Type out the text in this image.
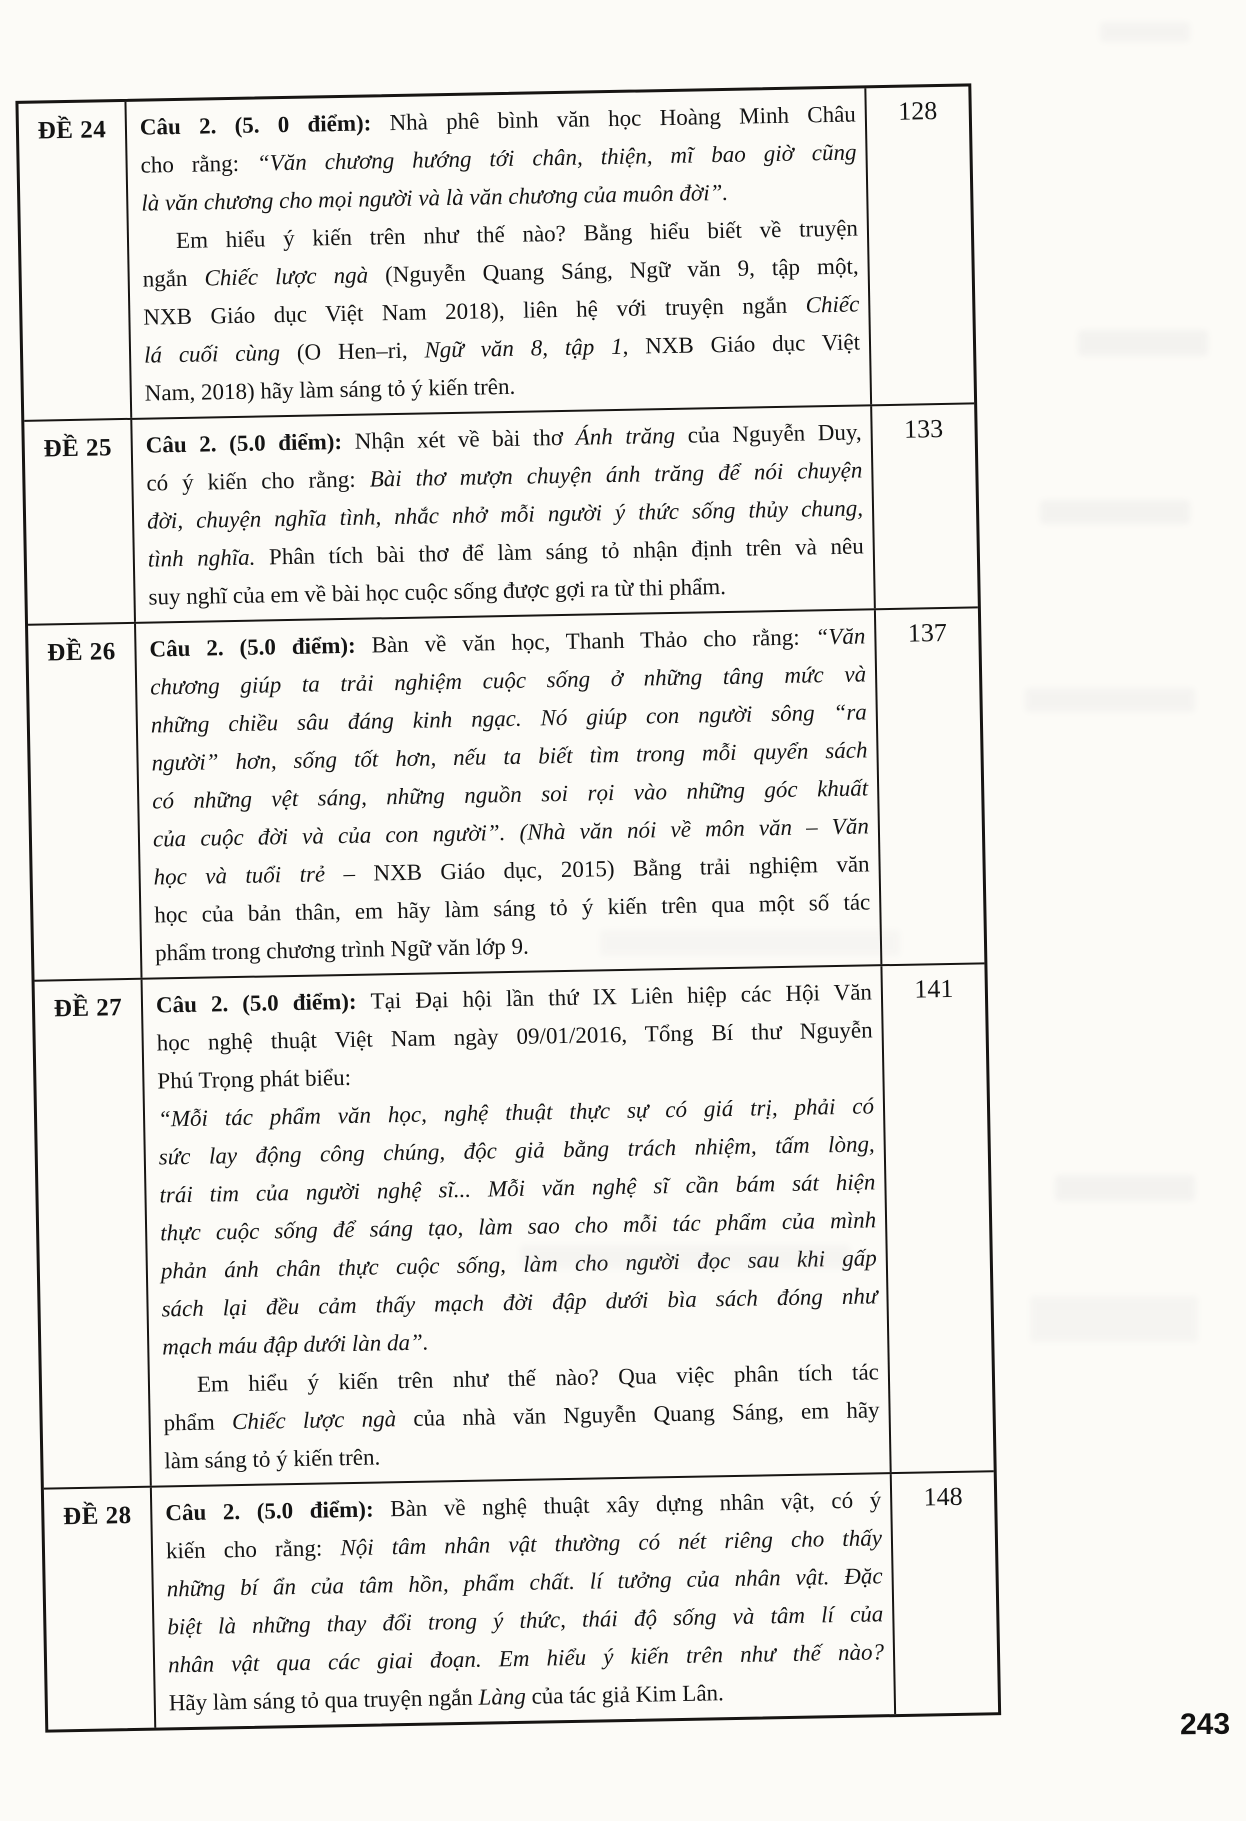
ĐỀ 24	Câu 2. (5. 0 điểm): Nhà phê bình văn học Hoàng Minh Châu
cho rằng: “Văn chương hướng tới chân, thiện, mĩ bao giờ cũng
là văn chương cho mọi người và là văn chương của muôn đời”.
Em hiểu ý kiến trên như thế nào? Bằng hiểu biết về truyện
ngắn Chiếc lược ngà (Nguyễn Quang Sáng, Ngữ văn 9, tập một,
NXB Giáo dục Việt Nam 2018), liên hệ với truyện ngắn Chiếc
lá cuối cùng (O Hen–ri, Ngữ văn 8, tập 1, NXB Giáo dục Việt
Nam, 2018) hãy làm sáng tỏ ý kiến trên.
128
ĐỀ 25	Câu 2. (5.0 điểm): Nhận xét về bài thơ Ánh trăng của Nguyễn Duy,
có ý kiến cho rằng: Bài thơ mượn chuyện ánh trăng để nói chuyện
đời, chuyện nghĩa tình, nhắc nhở mỗi người ý thức sống thủy chung,
tình nghĩa. Phân tích bài thơ để làm sáng tỏ nhận định trên và nêu
suy nghĩ của em về bài học cuộc sống được gợi ra từ thi phẩm.
133
ĐỀ 26	Câu 2. (5.0 điểm): Bàn về văn học, Thanh Thảo cho rằng: “Văn
chương giúp ta trải nghiệm cuộc sống ở những tâng mức và
những chiều sâu đáng kinh ngạc. Nó giúp con người sông “ra
người” hơn, sống tốt hơn, nếu ta biết tìm trong mỗi quyển sách
có những vệt sáng, những nguồn soi rọi vào những góc khuất
của cuộc đời và của con người”. (Nhà văn nói về môn văn – Văn
học và tuổi trẻ – NXB Giáo dục, 2015) Bằng trải nghiệm văn
học của bản thân, em hãy làm sáng tỏ ý kiến trên qua một số tác
phẩm trong chương trình Ngữ văn lớp 9.
137
ĐỀ 27	Câu 2. (5.0 điểm): Tại Đại hội lần thứ IX Liên hiệp các Hội Văn
học nghệ thuật Việt Nam ngày 09/01/2016, Tổng Bí thư Nguyễn
Phú Trọng phát biểu:
“Mỗi tác phẩm văn học, nghệ thuật thực sự có giá trị, phải có
sức lay động công chúng, độc giả bằng trách nhiệm, tấm lòng,
trái tim của người nghệ sĩ... Mỗi văn nghệ sĩ cần bám sát hiện
thực cuộc sống để sáng tạo, làm sao cho mỗi tác phẩm của mình
phản ánh chân thực cuộc sống, làm cho người đọc sau khi gấp
sách lại đều cảm thấy mạch đời đập dưới bìa sách đóng như
mạch máu đập dưới làn da”.
Em hiểu ý kiến trên như thế nào? Qua việc phân tích tác
phẩm Chiếc lược ngà của nhà văn Nguyễn Quang Sáng, em hãy
làm sáng tỏ ý kiến trên.
141
ĐỀ 28	Câu 2. (5.0 điểm): Bàn về nghệ thuật xây dựng nhân vật, có ý
kiến cho rằng: Nội tâm nhân vật thường có nét riêng cho thấy
những bí ẩn của tâm hồn, phẩm chất. lí tưởng của nhân vật. Đặc
biệt là những thay đổi trong ý thức, thái độ sống và tâm lí của
nhân vật qua các giai đoạn. Em hiểu ý kiến trên như thế nào?
Hãy làm sáng tỏ qua truyện ngắn Làng của tác giả Kim Lân.
148
243
